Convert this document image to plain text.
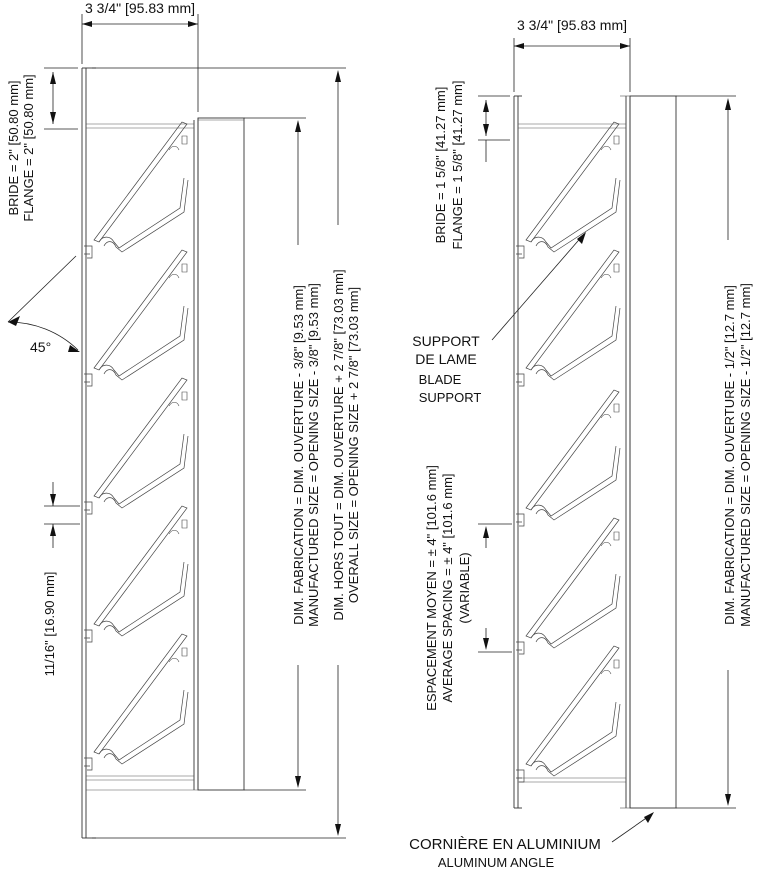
3 3/4" [95.83 mm]
BRIDE = 2" [50.80 mm] FLANGE = 2" [50.80 mm]
45°
11/16" [16.90 mm]	DIM. FABRICATION = DIM. OUVERTURE - 3/8" [9.53 mm] MANUFACTURED SIZE = OPENING SIZE - 3/8" [9.53 mm] DIM. HORS TOUT = DIM. OUVERTURE + 2 7/8" [73.03 mm] OVERALL SIZE = OPENING SIZE + 2 7/8" [73.03 mm]
3 3/4" [95.83 mm]
BRIDE = 1 5/8" [41.27 mm] FLANGE = 1 5/8" [41.27 mm]
SUPPORT
DE LAME
BLADE
SUPPORT
ESPACEMENT MOYEN = ± 4" [101.6 mm] AVERAGE SPACING = ± 4" [101.6 mm] (VARIABLE)	DIM. FABRICATION = DIM. OUVERTURE - 1/2" [12.7 mm] MANUFACTURED SIZE = OPENING SIZE - 1/2" [12.7 mm]
CORNIÈRE EN ALUMINIUM
ALUMINUM ANGLE
